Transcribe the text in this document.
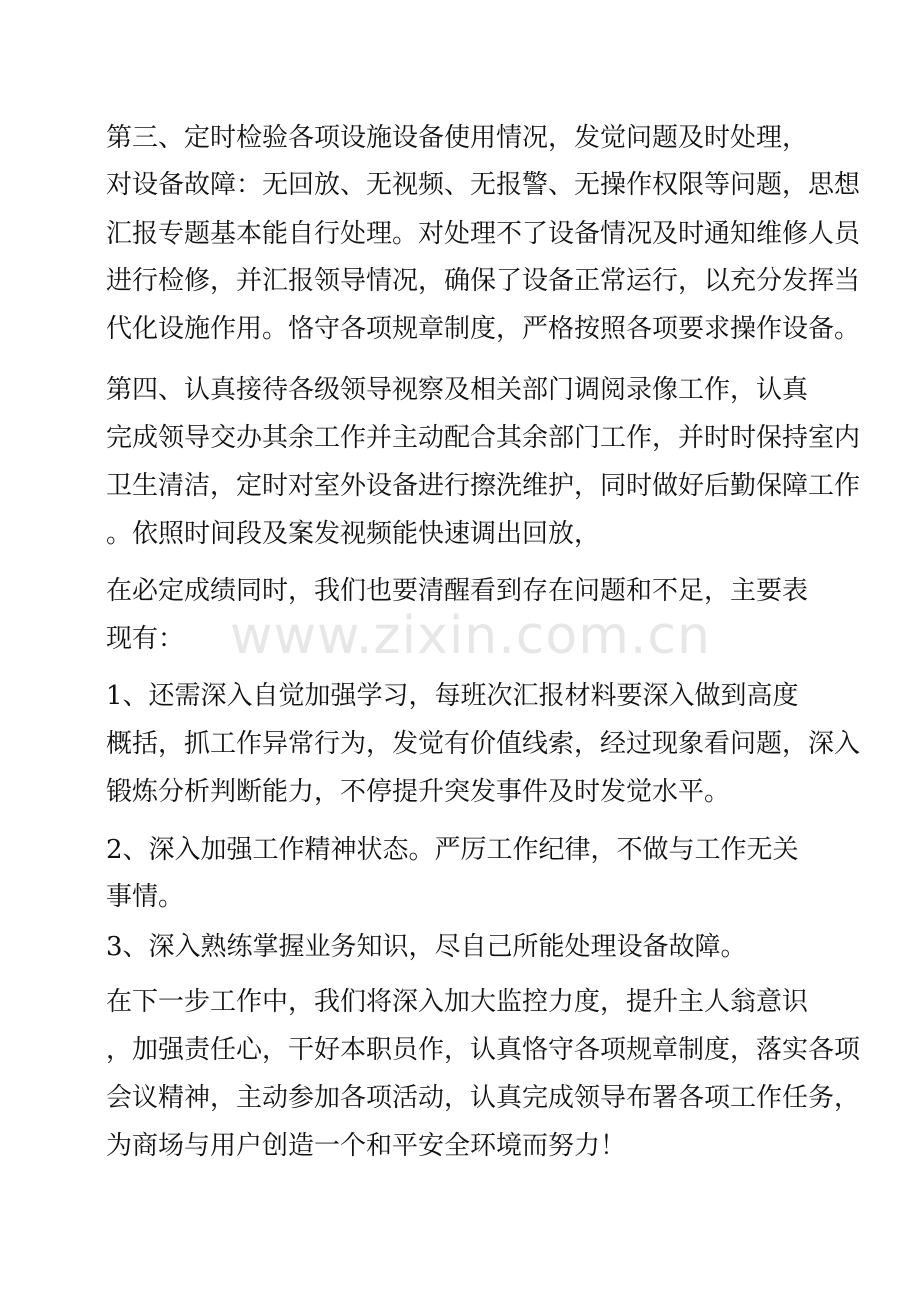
第三、定时检验各项设施设备使用情况，发觉问题及时处理，
对设备故障：无回放、无视频、无报警、无操作权限等问题，思想
汇报专题基本能自行处理。对处理不了设备情况及时通知维修人员
进行检修，并汇报领导情况，确保了设备正常运行，以充分发挥当
代化设施作用。恪守各项规章制度，严格按照各项要求操作设备。
第四、认真接待各级领导视察及相关部门调阅录像工作，认真
完成领导交办其余工作并主动配合其余部门工作，并时时保持室内
卫生清洁，定时对室外设备进行擦洗维护，同时做好后勤保障工作
。依照时间段及案发视频能快速调出回放，
在必定成绩同时，我们也要清醒看到存在问题和不足，主要表
现有：
1、还需深入自觉加强学习，每班次汇报材料要深入做到高度
概括，抓工作异常行为，发觉有价值线索，经过现象看问题，深入
锻炼分析判断能力，不停提升突发事件及时发觉水平。
2、深入加强工作精神状态。严厉工作纪律，不做与工作无关
事情。
3、深入熟练掌握业务知识，尽自己所能处理设备故障。
在下一步工作中，我们将深入加大监控力度，提升主人翁意识
，加强责任心，干好本职员作，认真恪守各项规章制度，落实各项
会议精神，主动参加各项活动，认真完成领导布署各项工作任务，
为商场与用户创造一个和平安全环境而努力！
www.zixin.com.cn
